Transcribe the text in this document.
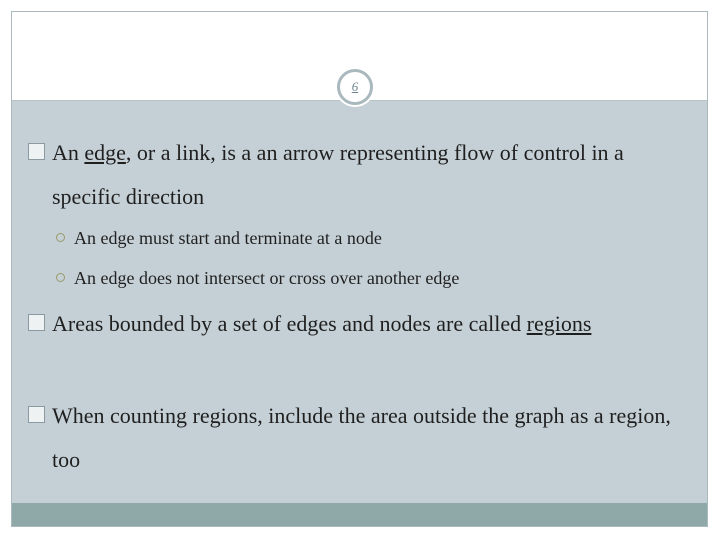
6
An edge, or a link, is a an arrow representing flow of control in a specific direction
An edge must start and terminate at a node
An edge does not intersect or cross over another edge
Areas bounded by a set of edges and nodes are called regions
When counting regions, include the area outside the graph as a region, too
